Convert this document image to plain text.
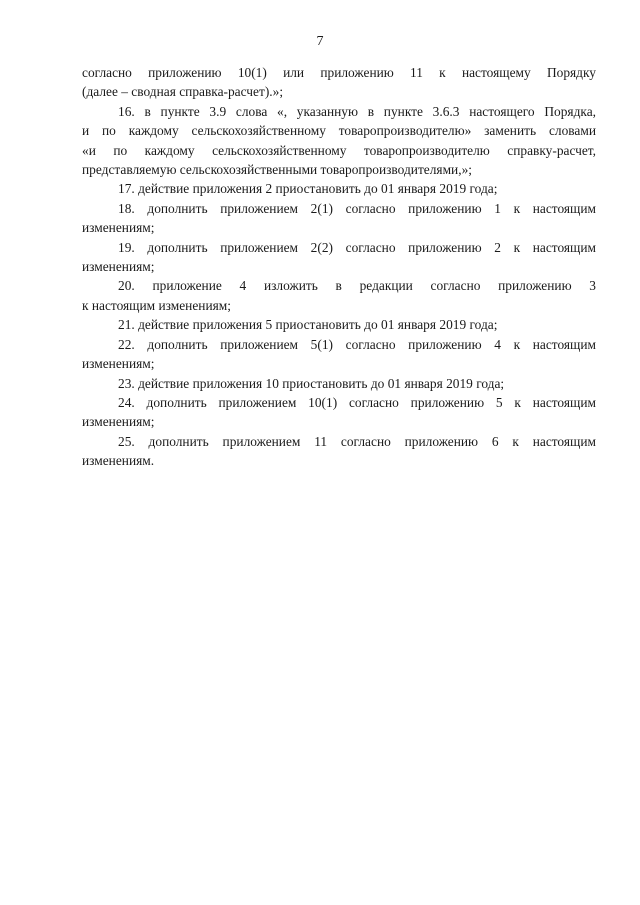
7
согласно приложению 10(1) или приложению 11 к настоящему Порядку
(далее – сводная справка-расчет).»;
16. в пункте 3.9 слова «, указанную в пункте 3.6.3 настоящего Порядка,
и по каждому сельскохозяйственному товаропроизводителю» заменить словами
«и по каждому сельскохозяйственному товаропроизводителю справку-расчет,
представляемую сельскохозяйственными товаропроизводителями,»;
17. действие приложения 2 приостановить до 01 января 2019 года;
18. дополнить приложением 2(1) согласно приложению 1 к настоящим
изменениям;
19. дополнить приложением 2(2) согласно приложению 2 к настоящим
изменениям;
20. приложение 4 изложить в редакции согласно приложению 3
к настоящим изменениям;
21. действие приложения 5 приостановить до 01 января 2019 года;
22. дополнить приложением 5(1) согласно приложению 4 к настоящим
изменениям;
23. действие приложения 10 приостановить до 01 января 2019 года;
24. дополнить приложением 10(1) согласно приложению 5 к настоящим
изменениям;
25. дополнить приложением 11 согласно приложению 6 к настоящим
изменениям.
